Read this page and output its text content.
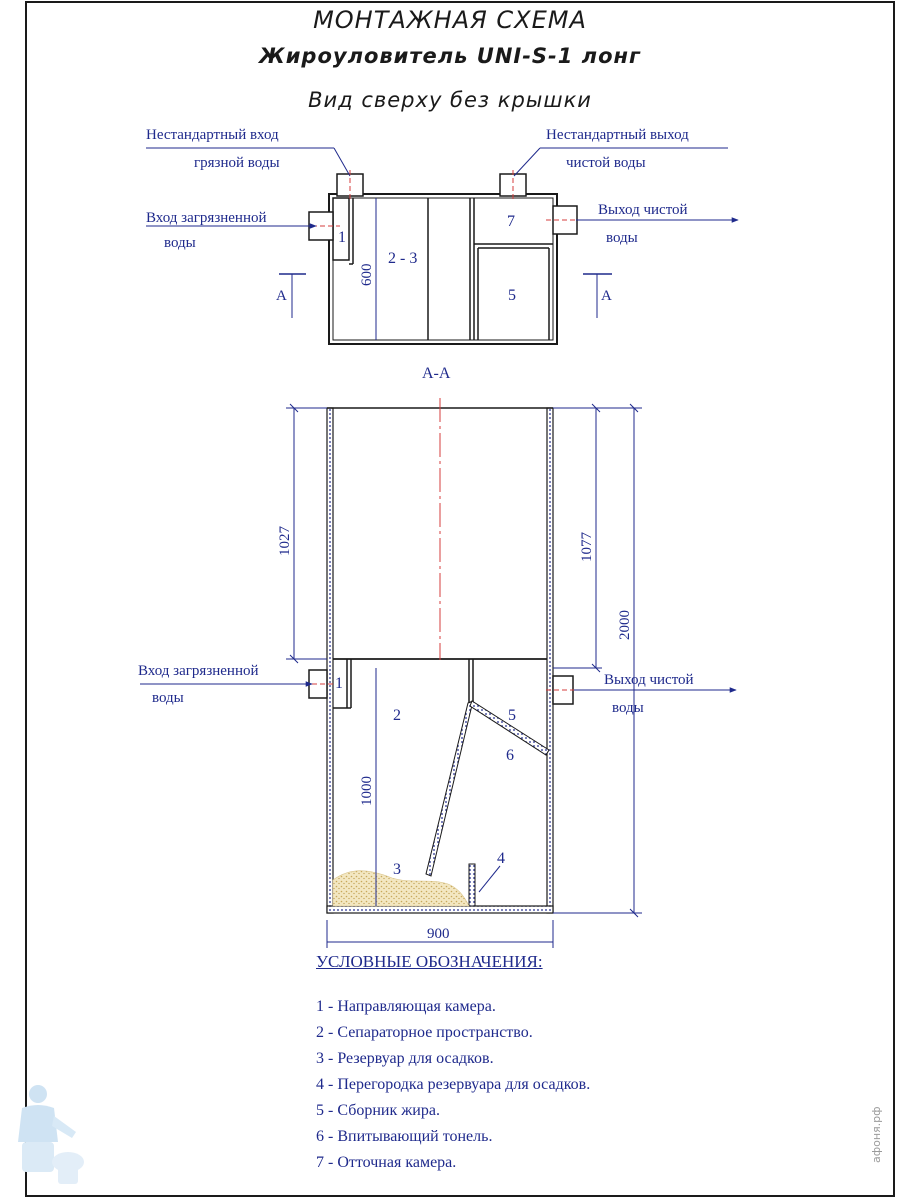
МОНТАЖНАЯ СХЕМА
Жироуловитель UNI-S-1 лонг
Вид сверху без крышки
Нестандартный вход
грязной воды
Нестандартный выход
чистой воды
Вход загрязненной
воды
Выход чистой
воды
600
1
2 - 3
7
5
А	А
А-А
1027	1077
2000
1000
900
Вход загрязненной
воды
Выход чистой
воды
1
2
3
4
5
6
УСЛОВНЫЕ ОБОЗНАЧЕНИЯ:
1 - Направляющая камера.
2 - Сепараторное пространство.
3 - Резервуар для осадков.
4 - Перегородка резервуара для осадков.
5 - Сборник жира.
6 - Впитывающий тонель.
7 - Отточная камера.	афоня.рф
